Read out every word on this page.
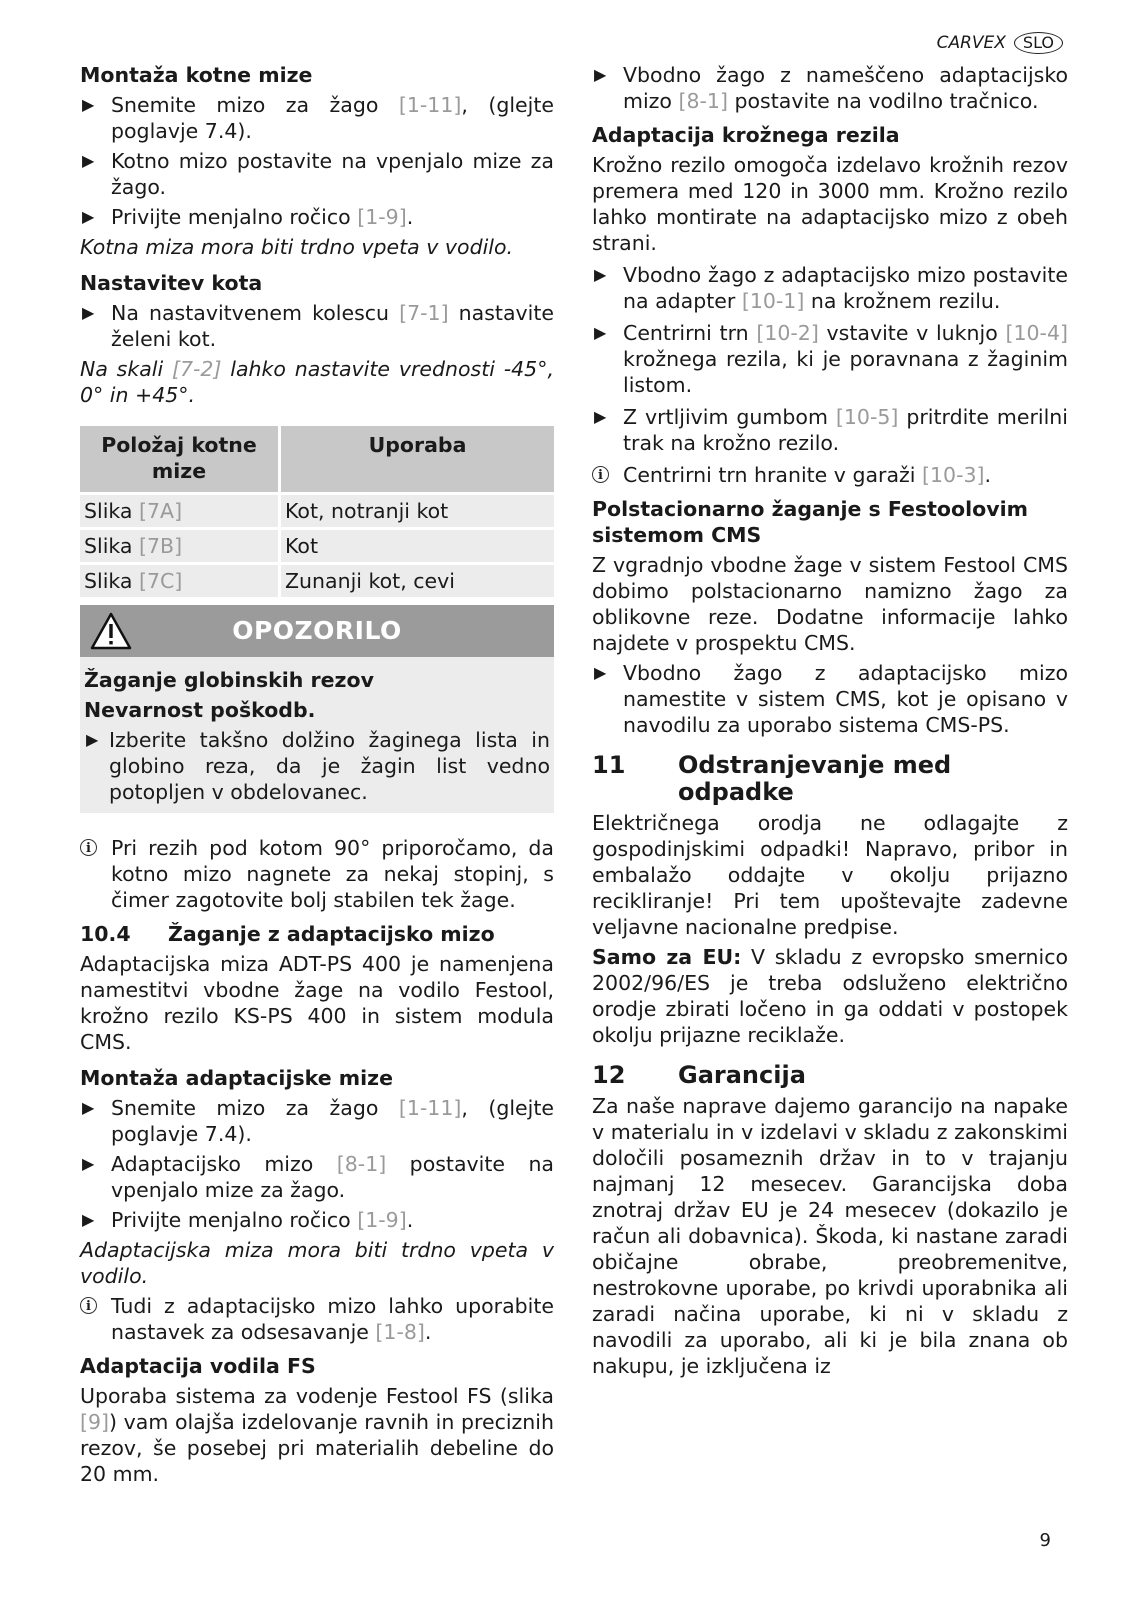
CARVEX	SLO

Montaža kotne mize

▶ Snemite mizo za žago [1-11], (glejte poglavje 7.4).

▶ Kotno mizo postavite na vpenjalo mize za žago.

▶ Privijte menjalno ročico [1-9].

Kotna miza mora biti trdno vpeta v vodilo.

Nastavitev kota

▶ Na nastavitvenem kolescu [7-1] nastavite želeni kot.

Na skali [7-2] lahko nastavite vrednosti -45°, 0° in +45°.

Položaj kotne mize	Uporaba
Slika [7A]	Kot, notranji kot
Slika [7B]	Kot
Slika [7C]	Zunanji kot, cevi
OPOZORILO

Žaganje globinskih rezov

Nevarnost poškodb.

▶ Izberite takšno dolžino žaginega lista in globino reza, da je žagin list vedno potopljen v obdelovanec.

i Pri rezih pod kotom 90° priporočamo, da kotno mizo nagnete za nekaj stopinj, s čimer zagotovite bolj stabilen tek žage.

10.4	Žaganje z adaptacijsko mizo

Adaptacijska miza ADT-PS 400 je namenjena namestitvi vbodne žage na vodilo Festool, krožno rezilo KS-PS 400 in sistem modula CMS.

Montaža adaptacijske mize

▶ Snemite mizo za žago [1-11], (glejte poglavje 7.4).

▶ Adaptacijsko mizo [8-1] postavite na vpenjalo mize za žago.

▶ Privijte menjalno ročico [1-9].

Adaptacijska miza mora biti trdno vpeta v vodilo.

i Tudi z adaptacijsko mizo lahko uporabite nastavek za odsesavanje [1-8].

Adaptacija vodila FS

Uporaba sistema za vodenje Festool FS (slika [9]) vam olajša izdelovanje ravnih in preciznih rezov, še posebej pri materialih debeline do 20 mm.

▶ Vbodno žago z nameščeno adaptacijsko mizo [8-1] postavite na vodilno tračnico.

Adaptacija krožnega rezila

Krožno rezilo omogoča izdelavo krožnih rezov premera med 120 in 3000 mm. Krožno rezilo lahko montirate na adaptacijsko mizo z obeh strani.

▶ Vbodno žago z adaptacijsko mizo postavite na adapter [10-1] na krožnem rezilu.

▶ Centrirni trn [10-2] vstavite v luknjo [10-4] krožnega rezila, ki je poravnana z žaginim listom.

▶ Z vrtljivim gumbom [10-5] pritrdite merilni trak na krožno rezilo.

i Centrirni trn hranite v garaži [10-3].

Polstacionarno žaganje s Festoolovim sistemom CMS

Z vgradnjo vbodne žage v sistem Festool CMS dobimo polstacionarno namizno žago za oblikovne reze. Dodatne informacije lahko najdete v prospektu CMS.

▶ Vbodno žago z adaptacijsko mizo namestite v sistem CMS, kot je opisano v navodilu za uporabo sistema CMS-PS.

11	Odstranjevanje med odpadke

Električnega orodja ne odlagajte z gospodinjskimi odpadki! Napravo, pribor in embalažo oddajte v okolju prijazno recikliranje! Pri tem upoštevajte zadevne veljavne nacionalne predpise.

Samo za EU: V skladu z evropsko smernico 2002/96/ES je treba odsluženo električno orodje zbirati ločeno in ga oddati v postopek okolju prijazne reciklaže.

12	Garancija

Za naše naprave dajemo garancijo na napake v materialu in v izdelavi v skladu z zakonskimi določili posameznih držav in to v trajanju najmanj 12 mesecev. Garancijska doba znotraj držav EU je 24 mesecev (dokazilo je račun ali dobavnica). Škoda, ki nastane zaradi običajne obrabe, preobremenitve, nestrokovne uporabe, po krivdi uporabnika ali zaradi načina uporabe, ki ni v skladu z navodili za uporabo, ali ki je bila znana ob nakupu, je izključena iz

9
